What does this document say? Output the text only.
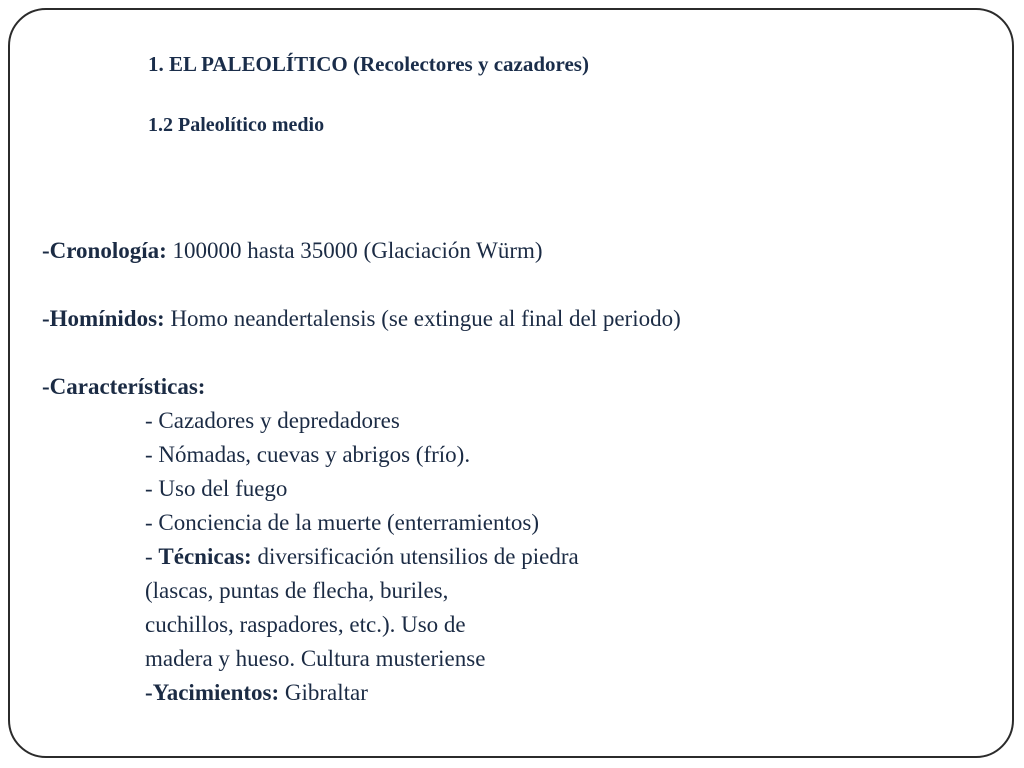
1. EL PALEOLÍTICO (Recolectores y cazadores)

1.2 Paleolítico medio

-Cronología: 100000 hasta 35000 (Glaciación Würm)

-Homínidos: Homo neandertalensis (se extingue al final del periodo)

-Características:

- Cazadores y depredadores

- Nómadas, cuevas y abrigos (frío).

- Uso del fuego

- Conciencia de la muerte (enterramientos)

- Técnicas: diversificación utensilios de piedra

(lascas, puntas de flecha, buriles,

cuchillos, raspadores, etc.). Uso de

madera y hueso. Cultura musteriense

-Yacimientos: Gibraltar
